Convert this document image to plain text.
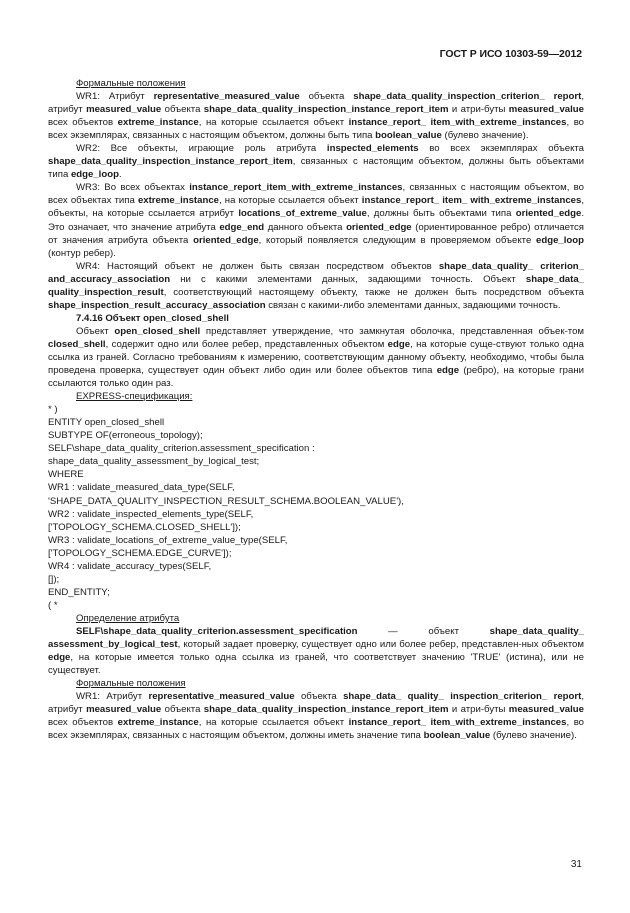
ГОСТ Р ИСО 10303-59—2012

Формальные положения

WR1: Атрибут representative_measured_value объекта shape_data_quality_inspection_criterion_ report, атрибут measured_value объекта shape_data_quality_inspection_instance_report_item и атри-буты measured_value всех объектов extreme_instance, на которые ссылается объект instance_report_ item_with_extreme_instances, во всех экземплярах, связанных с настоящим объектом, должны быть типа boolean_value (булево значение).

WR2: Все объекты, играющие роль атрибута inspected_elements во всех экземплярах объекта shape_data_quality_inspection_instance_report_item, связанных с настоящим объектом, должны быть объектами типа edge_loop.

WR3: Во всех объектах instance_report_item_with_extreme_instances, связанных с настоящим объектом, во всех объектах типа extreme_instance, на которые ссылается объект instance_report_ item_ with_extreme_instances, объекты, на которые ссылается атрибут locations_of_extreme_value, должны быть объектами типа oriented_edge. Это означает, что значение атрибута edge_end данного объекта oriented_edge (ориентированное ребро) отличается от значения атрибута объекта oriented_edge, который появляется следующим в проверяемом объекте edge_loop (контур ребер).

WR4: Настоящий объект не должен быть связан посредством объектов shape_data_quality_ criterion_ and_accuracy_association ни с какими элементами данных, задающими точность. Объект shape_data_ quality_inspection_result, соответствующий настоящему объекту, также не должен быть посредством объекта shape_inspection_result_accuracy_association связан с какими-либо элементами данных, задающими точность.

7.4.16 Объект open_closed_shell

Объект open_closed_shell представляет утверждение, что замкнутая оболочка, представленная объек-том closed_shell, содержит одно или более ребер, представленных объектом edge, на которые суще-ствуют только одна ссылка из граней. Согласно требованиям к измерению, соответствующим данному объекту, необходимо, чтобы была проведена проверка, существует один объект либо один или более объектов типа edge (ребро), на которые грани ссылаются только один раз.

EXPRESS-спецификация:

* )
ENTITY open_closed_shell
SUBTYPE OF(erroneous_topology);
SELF\shape_data_quality_criterion.assessment_specification :
shape_data_quality_assessment_by_logical_test;
WHERE
WR1 : validate_measured_data_type(SELF,
'SHAPE_DATA_QUALITY_INSPECTION_RESULT_SCHEMA.BOOLEAN_VALUE'),
WR2 : validate_inspected_elements_type(SELF,
['TOPOLOGY_SCHEMA.CLOSED_SHELL']);
WR3 : validate_locations_of_extreme_value_type(SELF,
['TOPOLOGY_SCHEMA.EDGE_CURVE']);
WR4 : validate_accuracy_types(SELF,
[]);
END_ENTITY;
( *

Определение атрибута

SELF\shape_data_quality_criterion.assessment_specification — объект shape_data_quality_ assessment_by_logical_test, который задает проверку, существует одно или более ребер, представлен-ных объектом edge, на которые имеется только одна ссылка из граней, что соответствует значению 'TRUE' (истина), или не существует.

Формальные положения

WR1: Атрибут representative_measured_value объекта shape_data_ quality_ inspection_criterion_ report, атрибут measured_value объекта shape_data_quality_inspection_instance_report_item и атри-буты measured_value всех объектов extreme_instance, на которые ссылается объект instance_report_ item_with_extreme_instances, во всех экземплярах, связанных с настоящим объектом, должны иметь значение типа boolean_value (булево значение).

31
